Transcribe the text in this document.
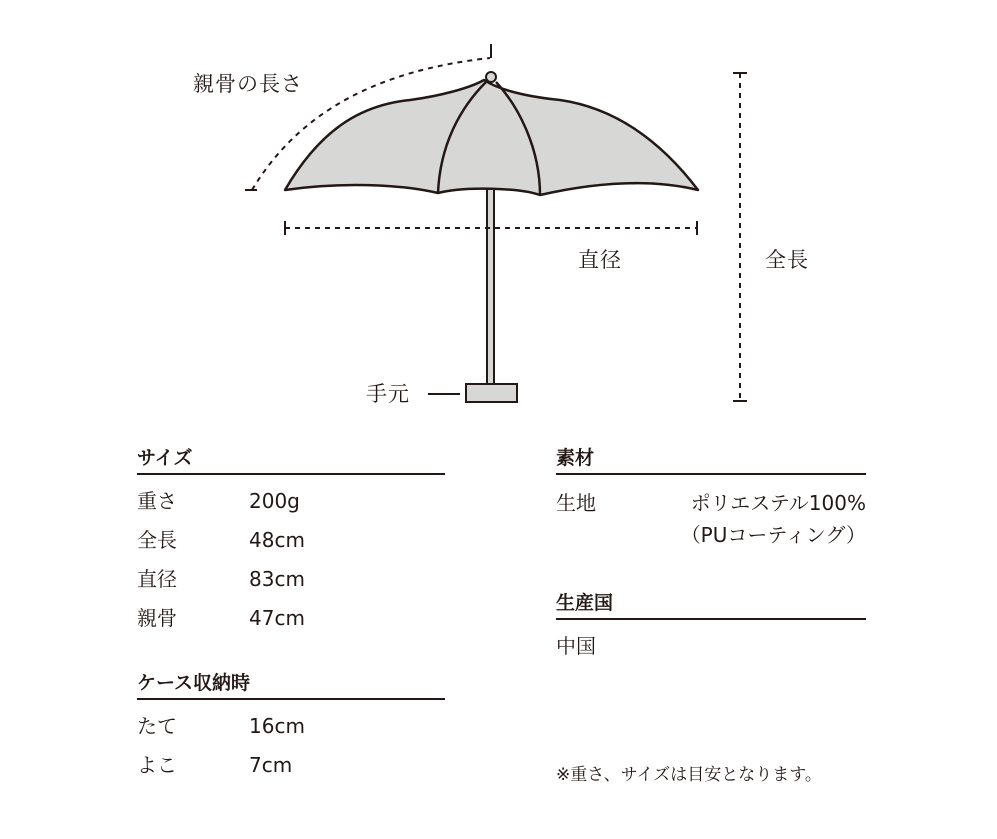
親骨の長さ
直径	全長
手元
サイズ
重さ	200g
全長	48cm
直径	83cm
親骨	47cm
ケース収納時
たて	16cm
よこ	7cm
素材
生地	ポリエステル100%
（PUコーティング）
生産国
中国
※重さ、サイズは目安となります。
